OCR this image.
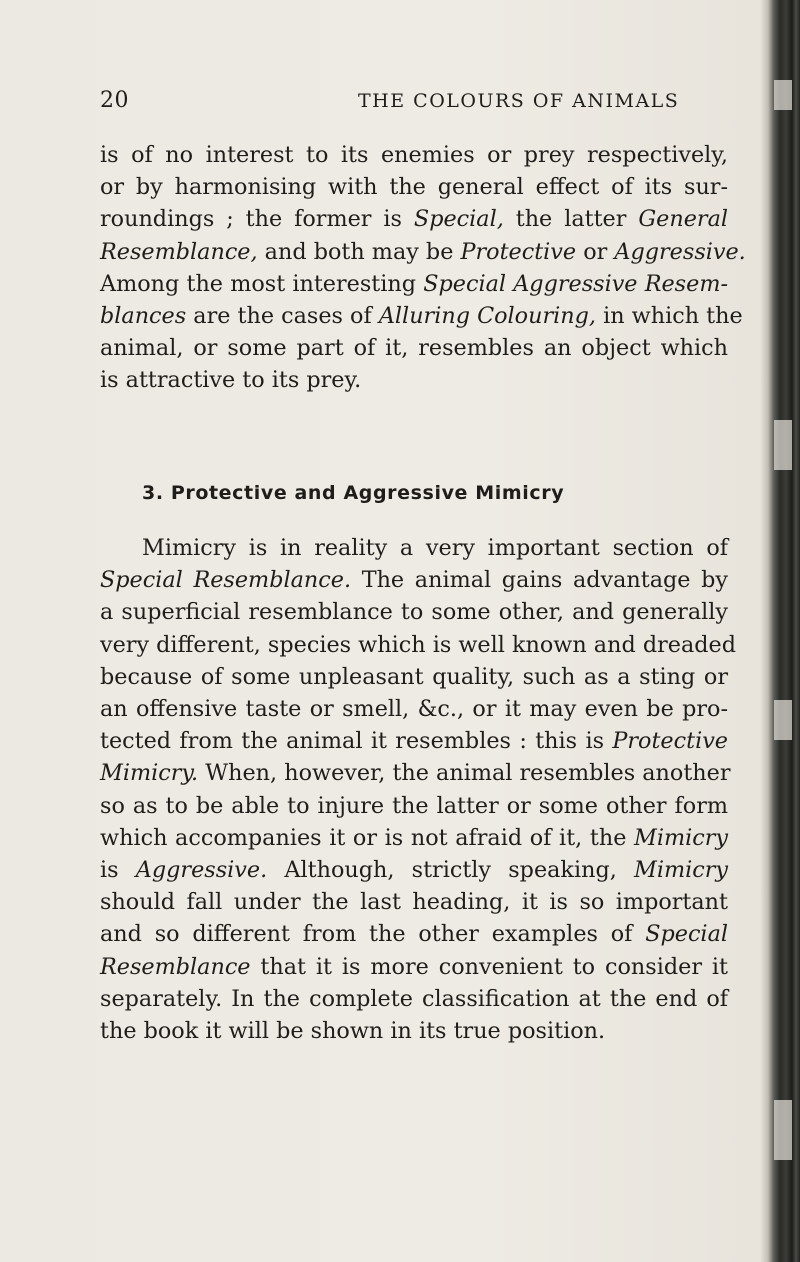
20	THE COLOURS OF ANIMALS
is of no interest to its enemies or prey respectively,
or by harmonising with the general effect of its sur-
roundings ; the former is Special, the latter General
Resemblance, and both may be Protective or Aggressive.
Among the most interesting Special Aggressive Resem-
blances are the cases of Alluring Colouring, in which the
animal, or some part of it, resembles an object which
is attractive to its prey.
3. Protective and Aggressive Mimicry
Mimicry is in reality a very important section of
Special Resemblance. The animal gains advantage by
a superficial resemblance to some other, and generally
very different, species which is well known and dreaded
because of some unpleasant quality, such as a sting or
an offensive taste or smell, &c., or it may even be pro-
tected from the animal it resembles : this is Protective
Mimicry. When, however, the animal resembles another
so as to be able to injure the latter or some other form
which accompanies it or is not afraid of it, the Mimicry
is Aggressive. Although, strictly speaking, Mimicry
should fall under the last heading, it is so important
and so different from the other examples of Special
Resemblance that it is more convenient to consider it
separately. In the complete classification at the end of
the book it will be shown in its true position.
